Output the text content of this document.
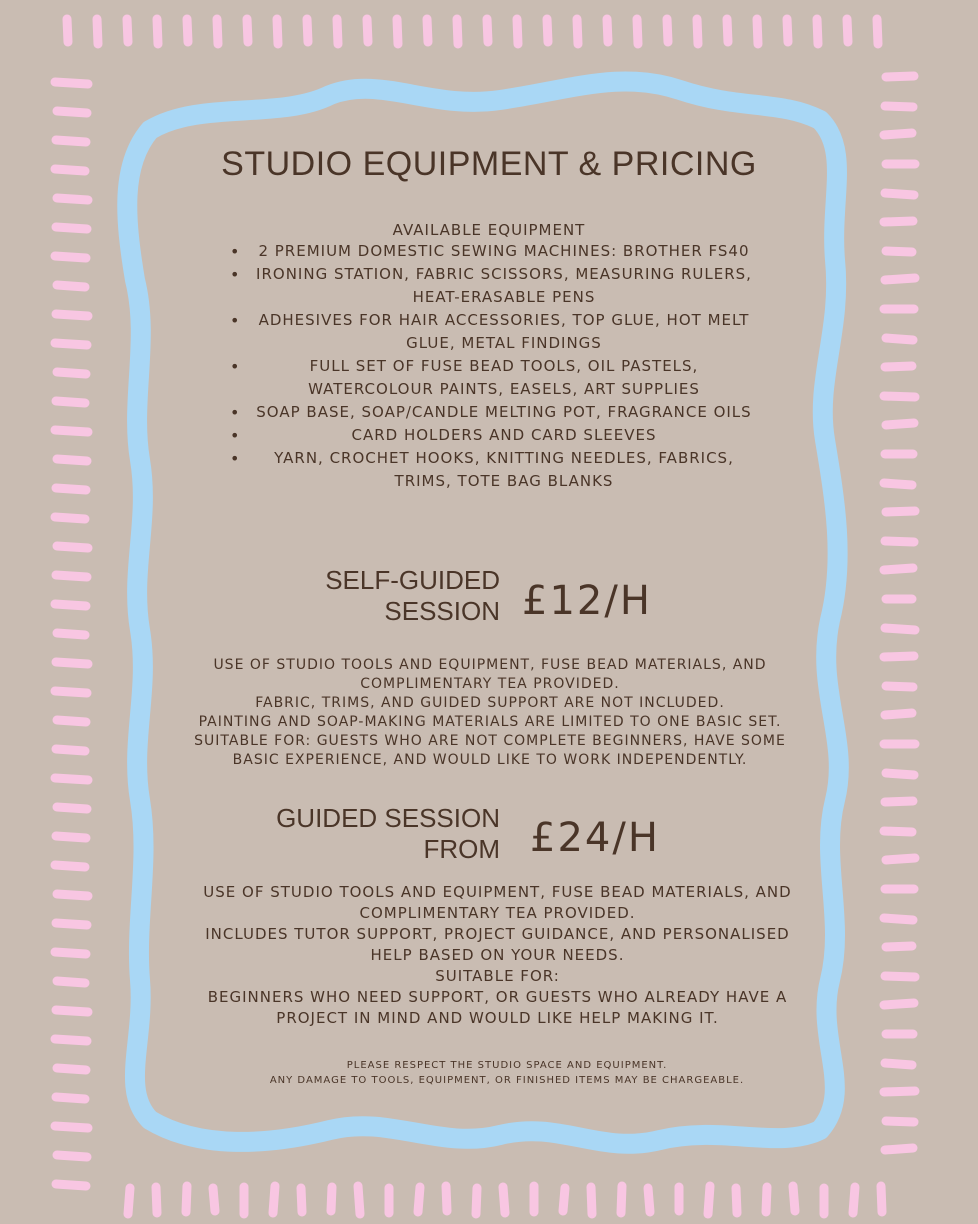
STUDIO EQUIPMENT & PRICING
AVAILABLE EQUIPMENT
•	2 PREMIUM DOMESTIC SEWING MACHINES: BROTHER FS40
•	IRONING STATION, FABRIC SCISSORS, MEASURING RULERS, HEAT-ERASABLE PENS
•	ADHESIVES FOR HAIR ACCESSORIES, TOP GLUE, HOT MELT GLUE, METAL FINDINGS
•	FULL SET OF FUSE BEAD TOOLS, OIL PASTELS, WATERCOLOUR PAINTS, EASELS, ART SUPPLIES
•	SOAP BASE, SOAP/CANDLE MELTING POT, FRAGRANCE OILS
•	CARD HOLDERS AND CARD SLEEVES
•	YARN, CROCHET HOOKS, KNITTING NEEDLES, FABRICS, TRIMS, TOTE BAG BLANKS
SELF-GUIDED
SESSION £12/H

USE OF STUDIO TOOLS AND EQUIPMENT, FUSE BEAD MATERIALS, AND COMPLIMENTARY TEA PROVIDED.

FABRIC, TRIMS, AND GUIDED SUPPORT ARE NOT INCLUDED.

PAINTING AND SOAP-MAKING MATERIALS ARE LIMITED TO ONE BASIC SET.

SUITABLE FOR: GUESTS WHO ARE NOT COMPLETE BEGINNERS, HAVE SOME BASIC EXPERIENCE, AND WOULD LIKE TO WORK INDEPENDENTLY.

GUIDED SESSION
FROM £24/H

USE OF STUDIO TOOLS AND EQUIPMENT, FUSE BEAD MATERIALS, AND COMPLIMENTARY TEA PROVIDED.

INCLUDES TUTOR SUPPORT, PROJECT GUIDANCE, AND PERSONALISED HELP BASED ON YOUR NEEDS.

SUITABLE FOR:

BEGINNERS WHO NEED SUPPORT, OR GUESTS WHO ALREADY HAVE A PROJECT IN MIND AND WOULD LIKE HELP MAKING IT.

PLEASE RESPECT THE STUDIO SPACE AND EQUIPMENT.

ANY DAMAGE TO TOOLS, EQUIPMENT, OR FINISHED ITEMS MAY BE CHARGEABLE.
